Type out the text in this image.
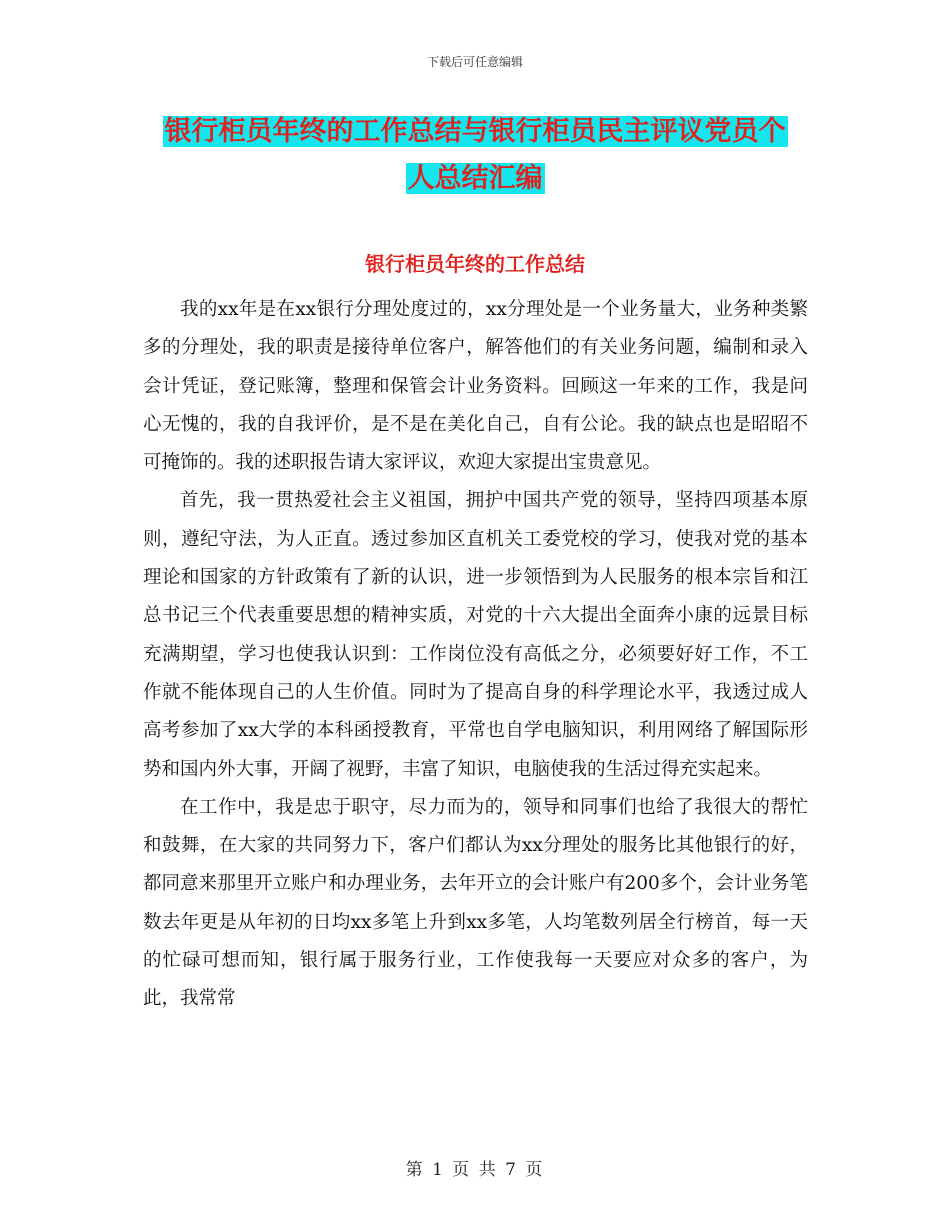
下载后可任意编辑
银行柜员年终的工作总结与银行柜员民主评议党员个
人总结汇编
银行柜员年终的工作总结

我的xx年是在xx银行分理处度过的，xx分理处是一个业务量大，业务种类繁多的分理处，我的职责是接待单位客户，解答他们的有关业务问题，编制和录入会计凭证，登记账簿，整理和保管会计业务资料。回顾这一年来的工作，我是问心无愧的，我的自我评价，是不是在美化自己，自有公论。我的缺点也是昭昭不可掩饰的。我的述职报告请大家评议，欢迎大家提出宝贵意见。

首先，我一贯热爱社会主义祖国，拥护中国共产党的领导，坚持四项基本原则，遵纪守法，为人正直。透过参加区直机关工委党校的学习，使我对党的基本理论和国家的方针政策有了新的认识，进一步领悟到为人民服务的根本宗旨和江总书记三个代表重要思想的精神实质，对党的十六大提出全面奔小康的远景目标充满期望，学习也使我认识到：工作岗位没有高低之分，必须要好好工作，不工作就不能体现自己的人生价值。同时为了提高自身的科学理论水平，我透过成人高考参加了xx大学的本科函授教育，平常也自学电脑知识，利用网络了解国际形势和国内外大事，开阔了视野，丰富了知识，电脑使我的生活过得充实起来。

在工作中，我是忠于职守，尽力而为的，领导和同事们也给了我很大的帮忙和鼓舞，在大家的共同努力下，客户们都认为xx分理处的服务比其他银行的好，都同意来那里开立账户和办理业务，去年开立的会计账户有200多个，会计业务笔数去年更是从年初的日均xx多笔上升到xx多笔，人均笔数列居全行榜首，每一天的忙碌可想而知，银行属于服务行业，工作使我每一天要应对众多的客户，为此，我常常

第 1 页 共 7 页
